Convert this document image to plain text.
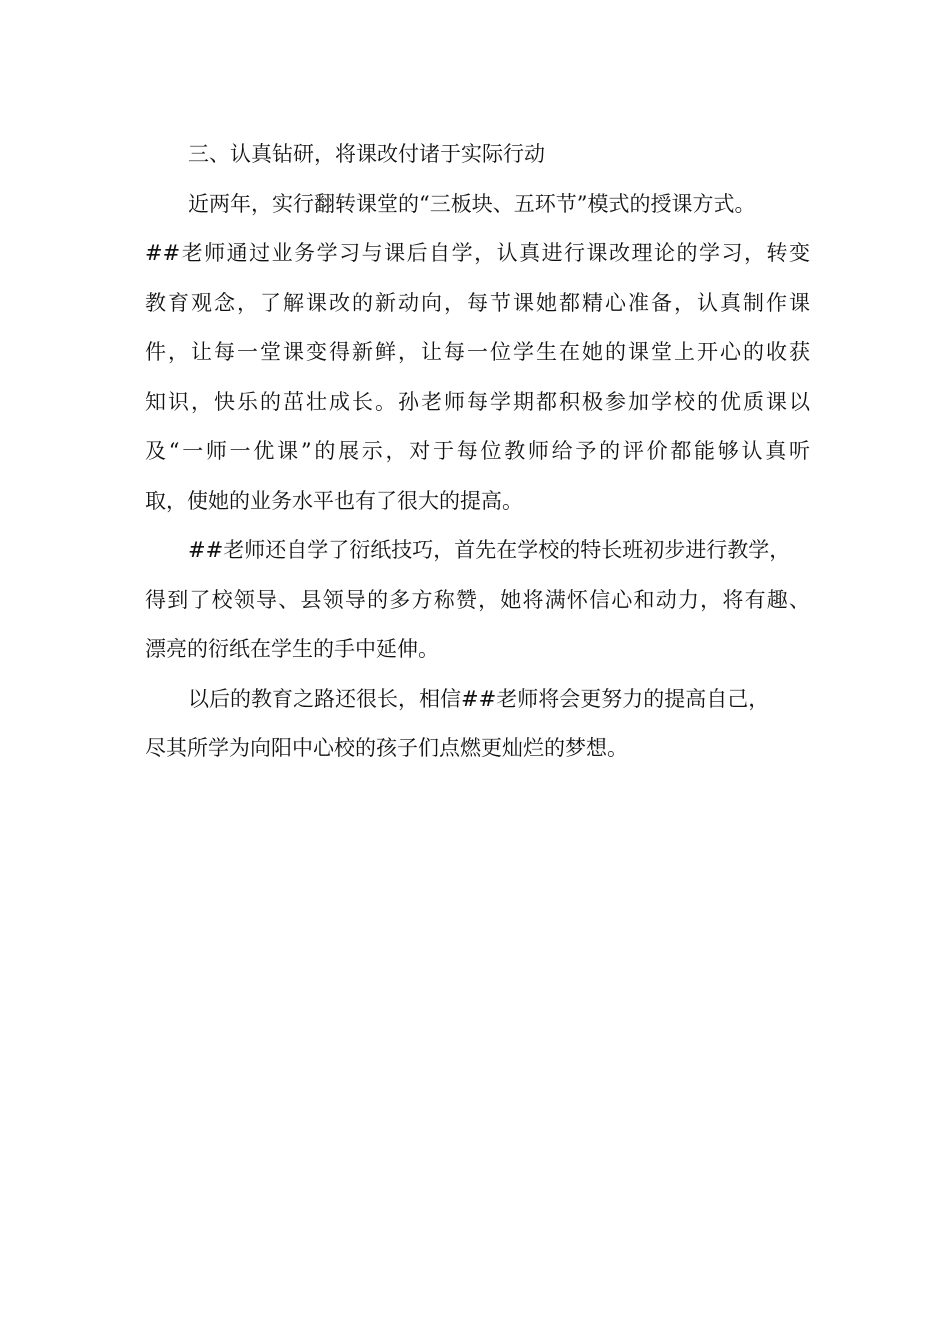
三、认真钻研，将课改付诸于实际行动
近两年，实行翻转课堂的“三板块、五环节”模式的授课方式。
##老师通过业务学习与课后自学，认真进行课改理论的学习，转变
教育观念，了解课改的新动向，每节课她都精心准备，认真制作课
件，让每一堂课变得新鲜，让每一位学生在她的课堂上开心的收获
知识，快乐的茁壮成长。孙老师每学期都积极参加学校的优质课以
及“一师一优课”的展示，对于每位教师给予的评价都能够认真听
取，使她的业务水平也有了很大的提高。
##老师还自学了衍纸技巧，首先在学校的特长班初步进行教学，
得到了校领导、县领导的多方称赞，她将满怀信心和动力，将有趣、
漂亮的衍纸在学生的手中延伸。
以后的教育之路还很长，相信##老师将会更努力的提高自己，
尽其所学为向阳中心校的孩子们点燃更灿烂的梦想。
